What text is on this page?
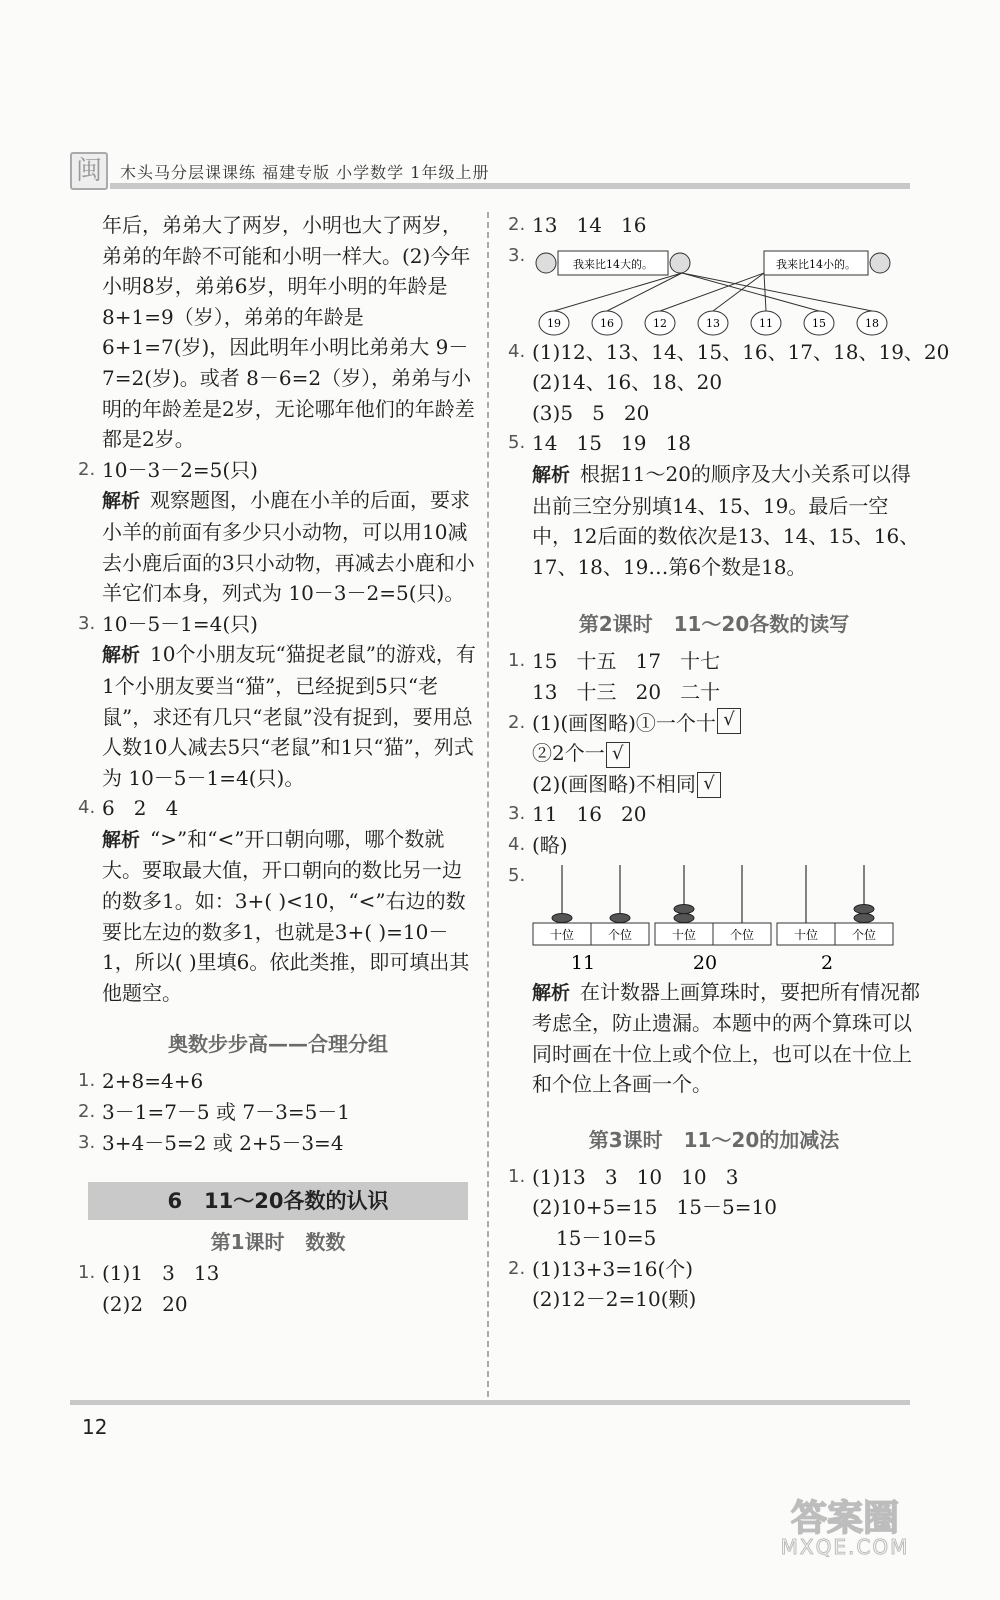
闽	木头马分层课课练 福建专版 小学数学 1年级上册
年后，弟弟大了两岁，小明也大了两岁，弟弟的年龄不可能和小明一样大。(2)今年小明8岁，弟弟6岁，明年小明的年龄是8+1=9（岁），弟弟的年龄是6+1=7(岁)，因此明年小明比弟弟大 9－7=2(岁)。或者 8－6=2（岁），弟弟与小明的年龄差是2岁，无论哪年他们的年龄差都是2岁。
2. 10－3－2=5(只)
解析 观察题图，小鹿在小羊的后面，要求小羊的前面有多少只小动物，可以用10减去小鹿后面的3只小动物，再减去小鹿和小羊它们本身，列式为 10－3－2=5(只)。
3. 10－5－1=4(只)
解析 10个小朋友玩“猫捉老鼠”的游戏，有1个小朋友要当“猫”，已经捉到5只“老鼠”，求还有几只“老鼠”没有捉到，要用总人数10人减去5只“老鼠”和1只“猫”，列式为 10－5－1=4(只)。
4. 6   2   4
解析 “>”和“<”开口朝向哪，哪个数就大。要取最大值，开口朝向的数比另一边的数多1。如：3+( )<10，“<”右边的数要比左边的数多1，也就是3+( )=10－1，所以( )里填6。依此类推，即可填出其他题空。
奥数步步高——合理分组
1. 2+8=4+6
2. 3－1=7－5 或 7－3=5－1
3. 3+4－5=2 或 2+5－3=4
6   11～20各数的认识
第1课时   数数
1. (1)1   3   13
(2)2   20
2. 13   14   16
3.	我来比14大的。	我来比14小的。
19	16	12	13	11	15	18
4. (1)12、13、14、15、16、17、18、19、20
(2)14、16、18、20
(3)5   5   20
5. 14   15   19   18
解析 根据11～20的顺序及大小关系可以得出前三空分别填14、15、19。最后一空中，12后面的数依次是13、14、15、16、17、18、19…第6个数是18。
第2课时   11～20各数的读写
1. 15   十五   17   十七
13   十三   20   二十
2. (1)(画图略)①一个十 √
②2个一 √
(2)(画图略)不相同 √
3. 11   16   20
4. (略)
5.
十位	个位
11
十位	个位
20
十位	个位
2
解析 在计数器上画算珠时，要把所有情况都考虑全，防止遗漏。本题中的两个算珠可以同时画在十位上或个位上，也可以在十位上和个位上各画一个。
第3课时   11～20的加减法
1. (1)13   3   10   10   3
(2)10+5=15   15－5=10
15－10=5
2. (1)13+3=16(个)
(2)12－2=10(颗)
12
答案圈
MXQE.COM
